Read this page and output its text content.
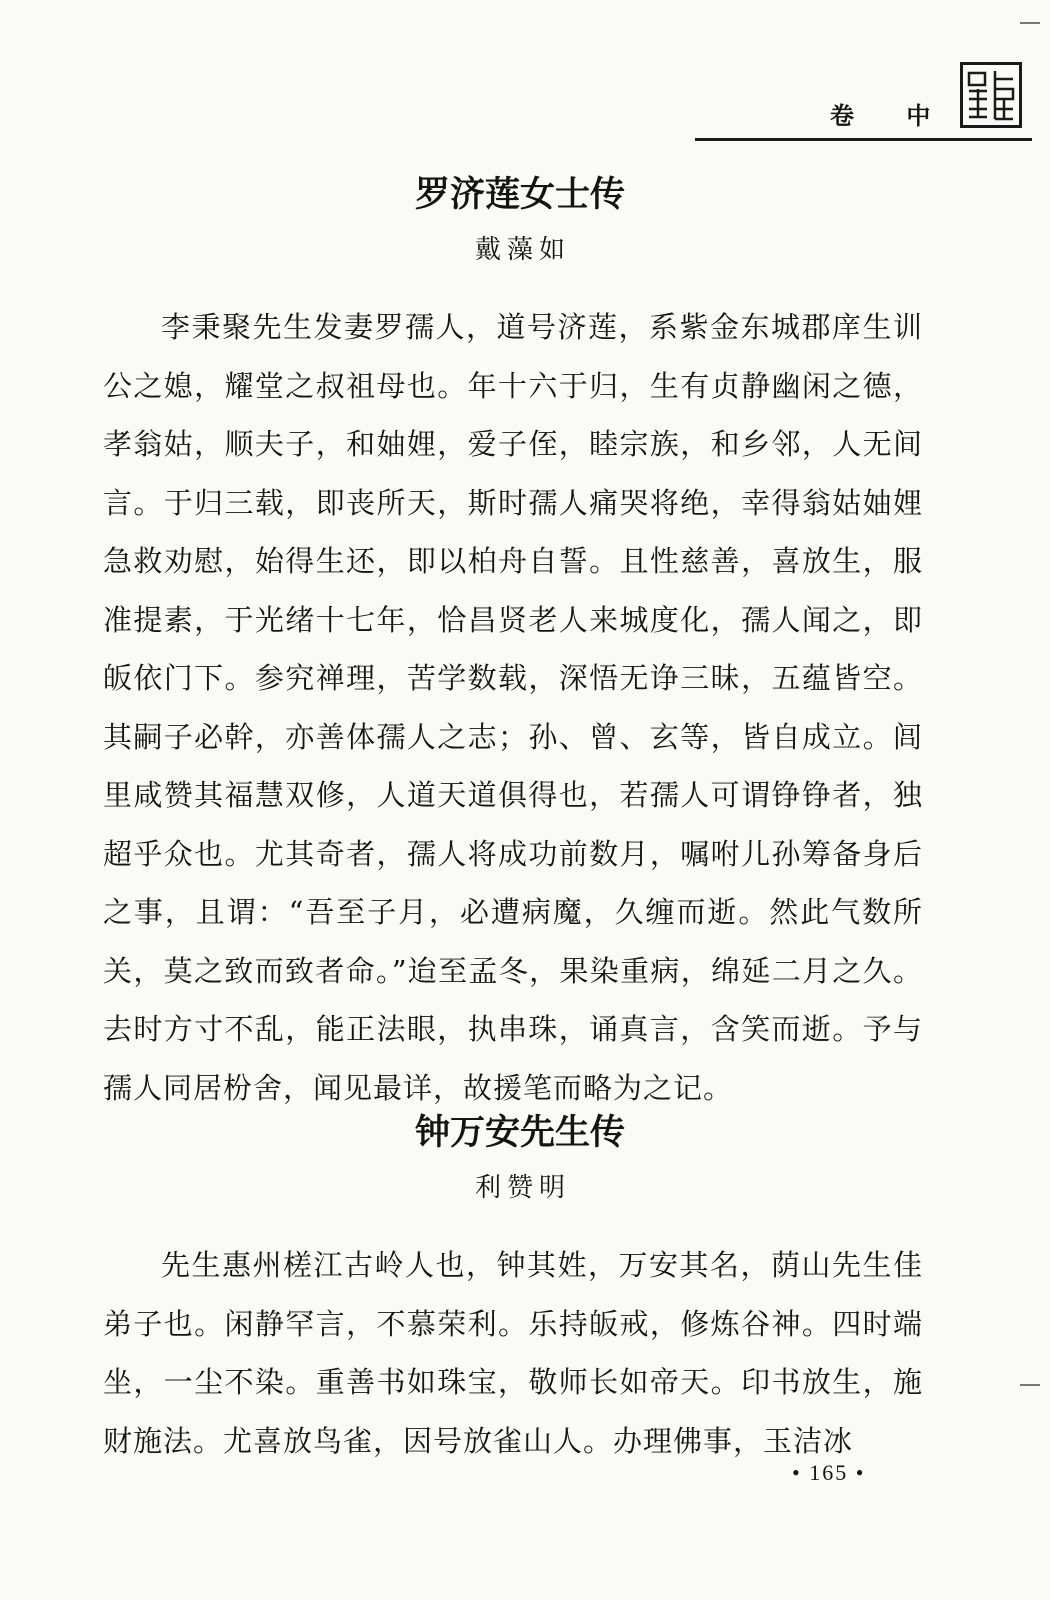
卷 中
罗济莲女士传
戴藻如

李秉聚先生发妻罗孺人，道号济莲，系紫金东城郡庠生训公之媳，耀堂之叔祖母也。年十六于归，生有贞静幽闲之德，孝翁姑，顺夫子，和妯娌，爱子侄，睦宗族，和乡邻，人无间言。于归三载，即丧所天，斯时孺人痛哭将绝，幸得翁姑妯娌急救劝慰，始得生还，即以柏舟自誓。且性慈善，喜放生，服准提素，于光绪十七年，恰昌贤老人来城度化，孺人闻之，即皈依门下。参究禅理，苦学数载，深悟无诤三昧，五蕴皆空。其嗣子必幹，亦善体孺人之志；孙、曾、玄等，皆自成立。闾里咸赞其福慧双修，人道天道俱得也，若孺人可谓铮铮者，独超乎众也。尤其奇者，孺人将成功前数月，嘱咐儿孙筹备身后之事，且谓：“吾至子月，必遭病魔，久缠而逝。然此气数所关，莫之致而致者命。”迨至孟冬，果染重病，绵延二月之久。去时方寸不乱，能正法眼，执串珠，诵真言，含笑而逝。予与孺人同居枌舍，闻见最详，故援笔而略为之记。

钟万安先生传
利赞明

先生惠州槎江古岭人也，钟其姓，万安其名，荫山先生佳弟子也。闲静罕言，不慕荣利。乐持皈戒，修炼谷神。四时端坐，一尘不染。重善书如珠宝，敬师长如帝天。印书放生，施财施法。尤喜放鸟雀，因号放雀山人。办理佛事，玉洁冰

• 165 •
